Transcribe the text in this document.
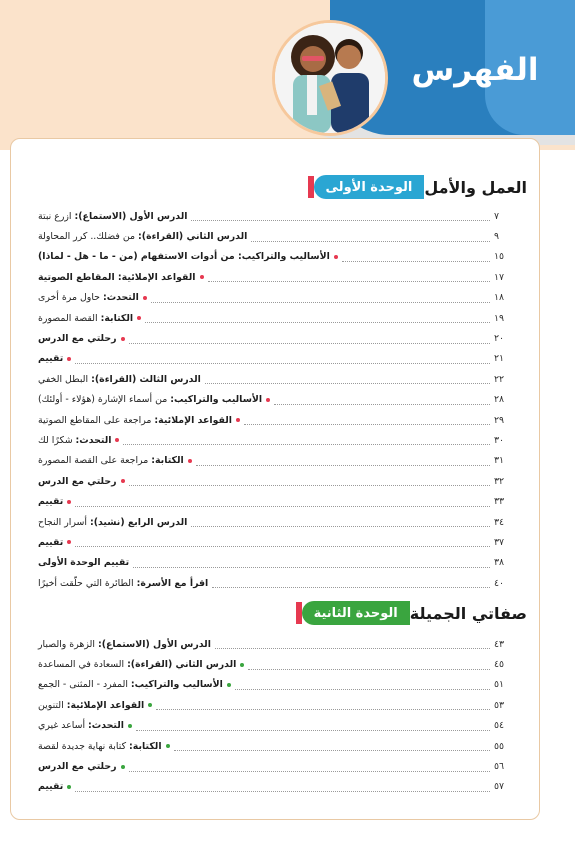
الفهرس
الوحدة الأولى العمل والأمل
الدرس الأول (الاستماع): ازرع نبتة	٧
الدرس الثاني (القراءة): من فضلك.. كرر المحاولة	٩
الأساليب والتراكيب: من أدوات الاستفهام (من - ما - هل - لماذا)	١٥
القواعد الإملائية: المقاطع الصوتية	١٧
التحدث: حاول مرة أخرى	١٨
الكتابة: القصة المصورة	١٩
رحلتي مع الدرس	٢٠
تقييم	٢١
الدرس الثالث (القراءة): البطل الخفي	٢٢
الأساليب والتراكيب: من أسماء الإشارة (هؤلاء - أولئك)	٢٨
القواعد الإملائية: مراجعة على المقاطع الصوتية	٢٩
التحدث: شكرًا لك	٣٠
الكتابة: مراجعة على القصة المصورة	٣١
رحلتي مع الدرس	٣٢
تقييم	٣٣
الدرس الرابع (نشيد): أسرار النجاح	٣٤
تقييم	٣٧
تقييم الوحدة الأولى	٣٨
اقرأ مع الأسرة: الطائرة التي حلّقت أخيرًا	٤٠
الوحدة الثانية صفاتي الجميلة
الدرس الأول (الاستماع): الزهرة والصبار	٤٣
الدرس الثاني (القراءة): السعادة في المساعدة	٤٥
الأساليب والتراكيب: المفرد - المثنى - الجمع	٥١
القواعد الإملائية: التنوين	٥٣
التحدث: أساعد غيري	٥٤
الكتابة: كتابة نهاية جديدة لقصة	٥٥
رحلتي مع الدرس	٥٦
تقييم	٥٧
